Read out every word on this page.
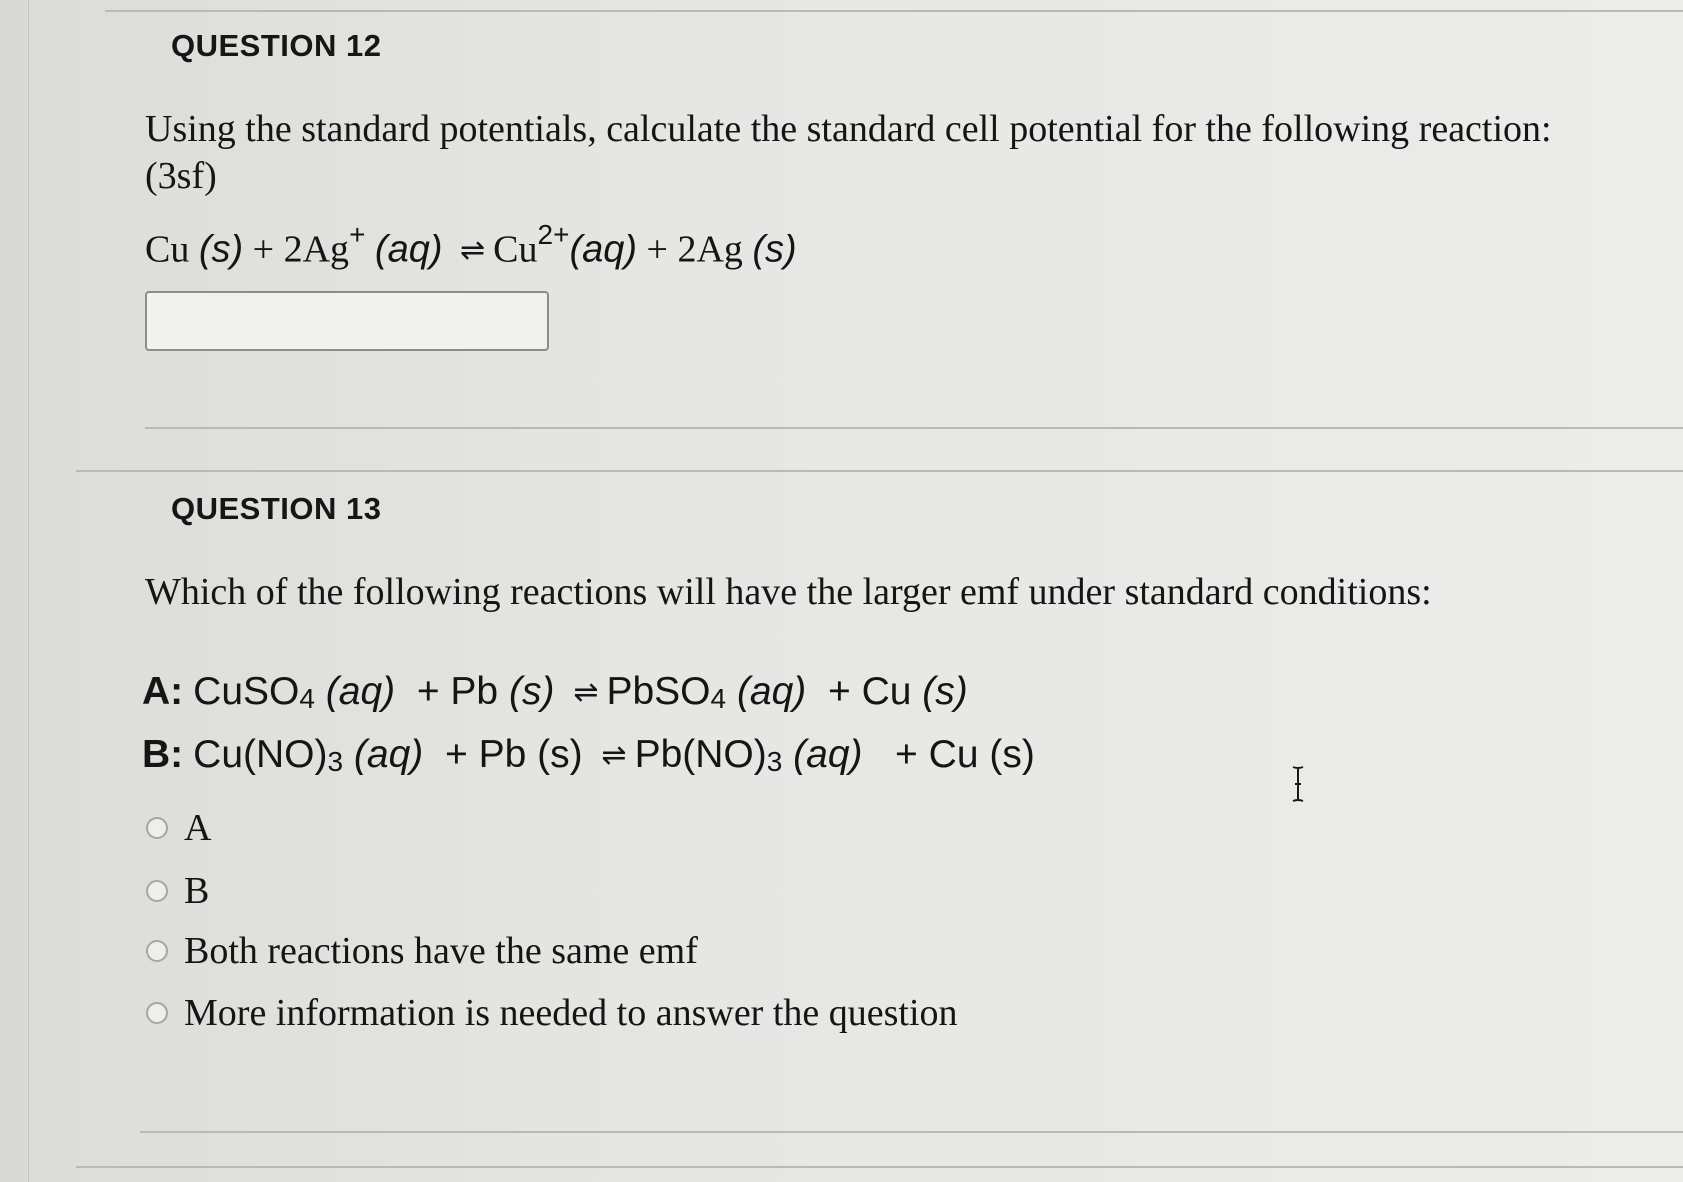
QUESTION 12
Using the standard potentials, calculate the standard cell potential for the following reaction:
(3sf)
Cu (s) + 2Ag+ (aq) ⇌ $Cu^{2+}(aq) + 2Ag$ (s)
QUESTION 13
Which of the following reactions will have the larger emf under standard conditions:
A: CuSO$_4$ (aq) + Pb (s) ⇌ PbSO$_4$ (aq) + Cu (s)
B: $Cu(NO)_3$ (aq) + Pb (s) ⇌ $Pb(NO)_3$ (aq) + Cu (s)
A
B
Both reactions have the same emf
More information is needed to answer the question
